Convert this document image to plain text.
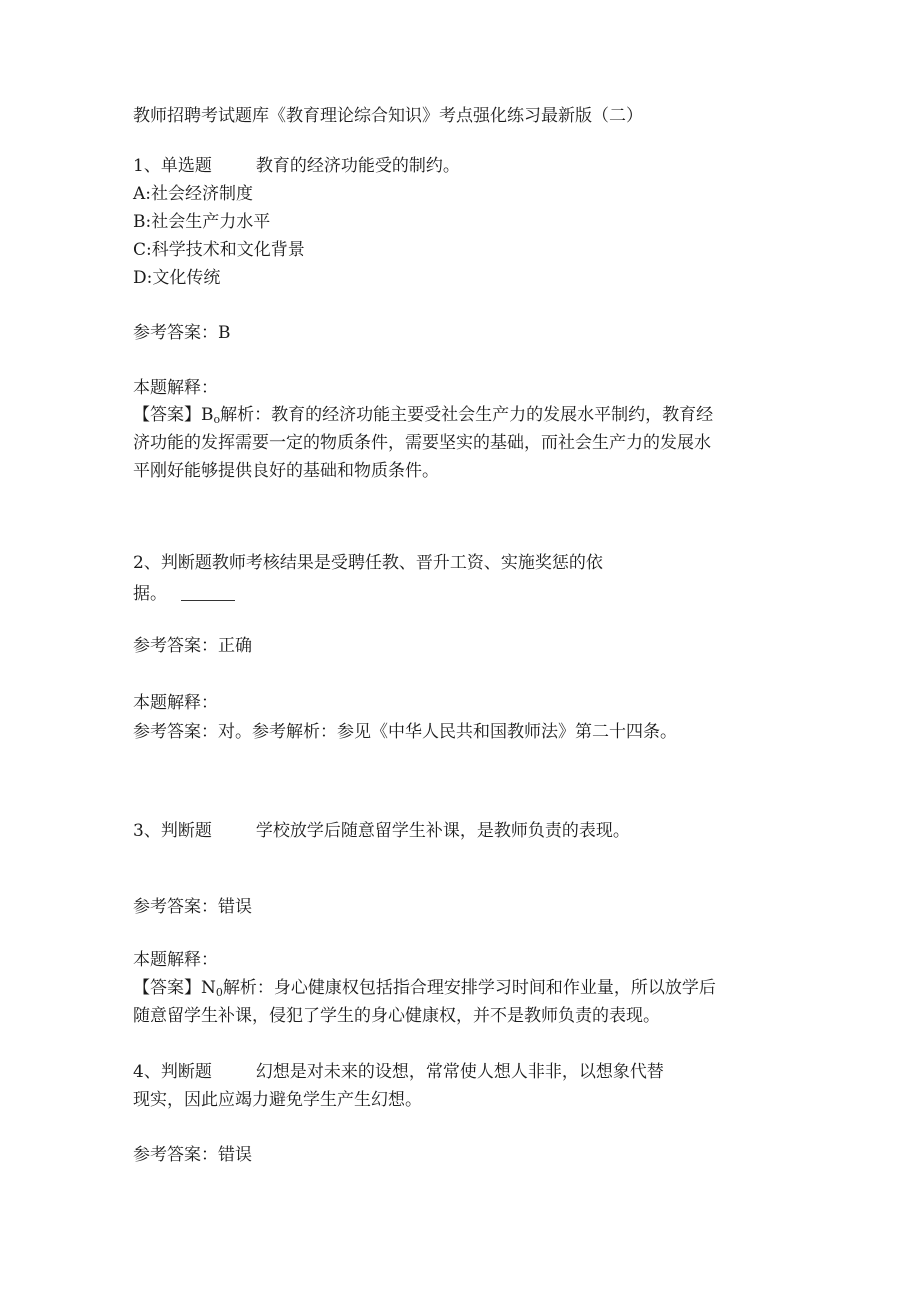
教师招聘考试题库《教育理论综合知识》考点强化练习最新版（二）
1、单选题	教育的经济功能受的制约。
A:社会经济制度
B:社会生产力水平
C:科学技术和文化背景
D:文化传统
参考答案：B
本题解释：
【答案】$B_o$解析：教育的经济功能主要受社会生产力的发展水平制约，教育经
济功能的发挥需要一定的物质条件，需要坚实的基础，而社会生产力的发展水
平刚好能够提供良好的基础和物质条件。
2、判断题教师考核结果是受聘任教、晋升工资、实施奖惩的依
据。
参考答案：正确
本题解释：
参考答案：对。参考解析：参见《中华人民共和国教师法》第二十四条。
3、判断题	学校放学后随意留学生补课，是教师负责的表现。
参考答案：错误
本题解释：
【答案】$N_0$解析：身心健康权包括指合理安排学习时间和作业量，所以放学后
随意留学生补课，侵犯了学生的身心健康权，并不是教师负责的表现。
4、判断题	幻想是对未来的设想，常常使人想人非非，以想象代替
现实，因此应竭力避免学生产生幻想。
参考答案：错误
